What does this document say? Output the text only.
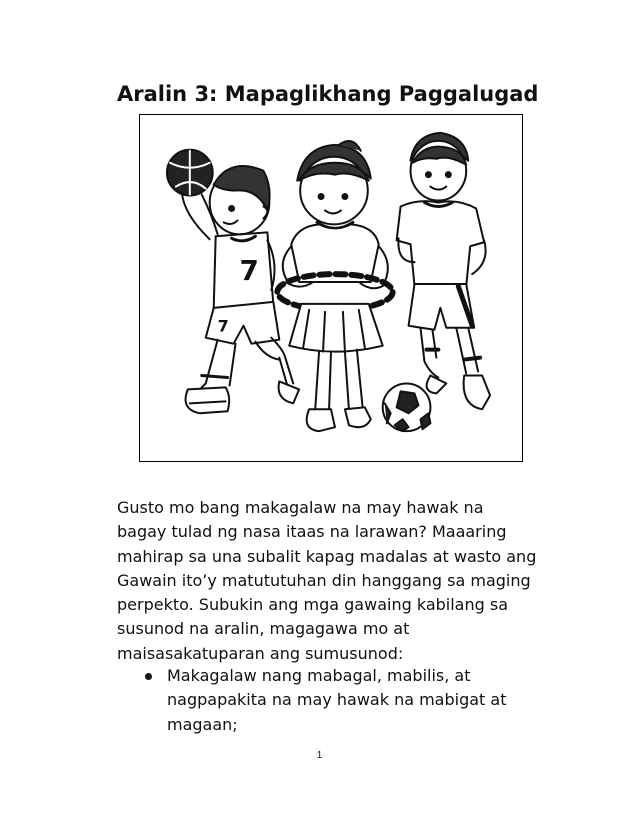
Aralin 3: Mapaglikhang Paggalugad
7
7
Gusto mo bang makagalaw na may hawak na
bagay tulad ng nasa itaas na larawan? Maaaring
mahirap sa una subalit kapag madalas at wasto ang
Gawain ito’y matututuhan din hanggang sa maging
perpekto. Subukin ang mga gawaing kabilang sa
susunod na aralin, magagawa mo at
maisasakatuparan ang sumusunod:
Makagalaw nang mabagal, mabilis, at
nagpapakita na may hawak na mabigat at
magaan;
1
